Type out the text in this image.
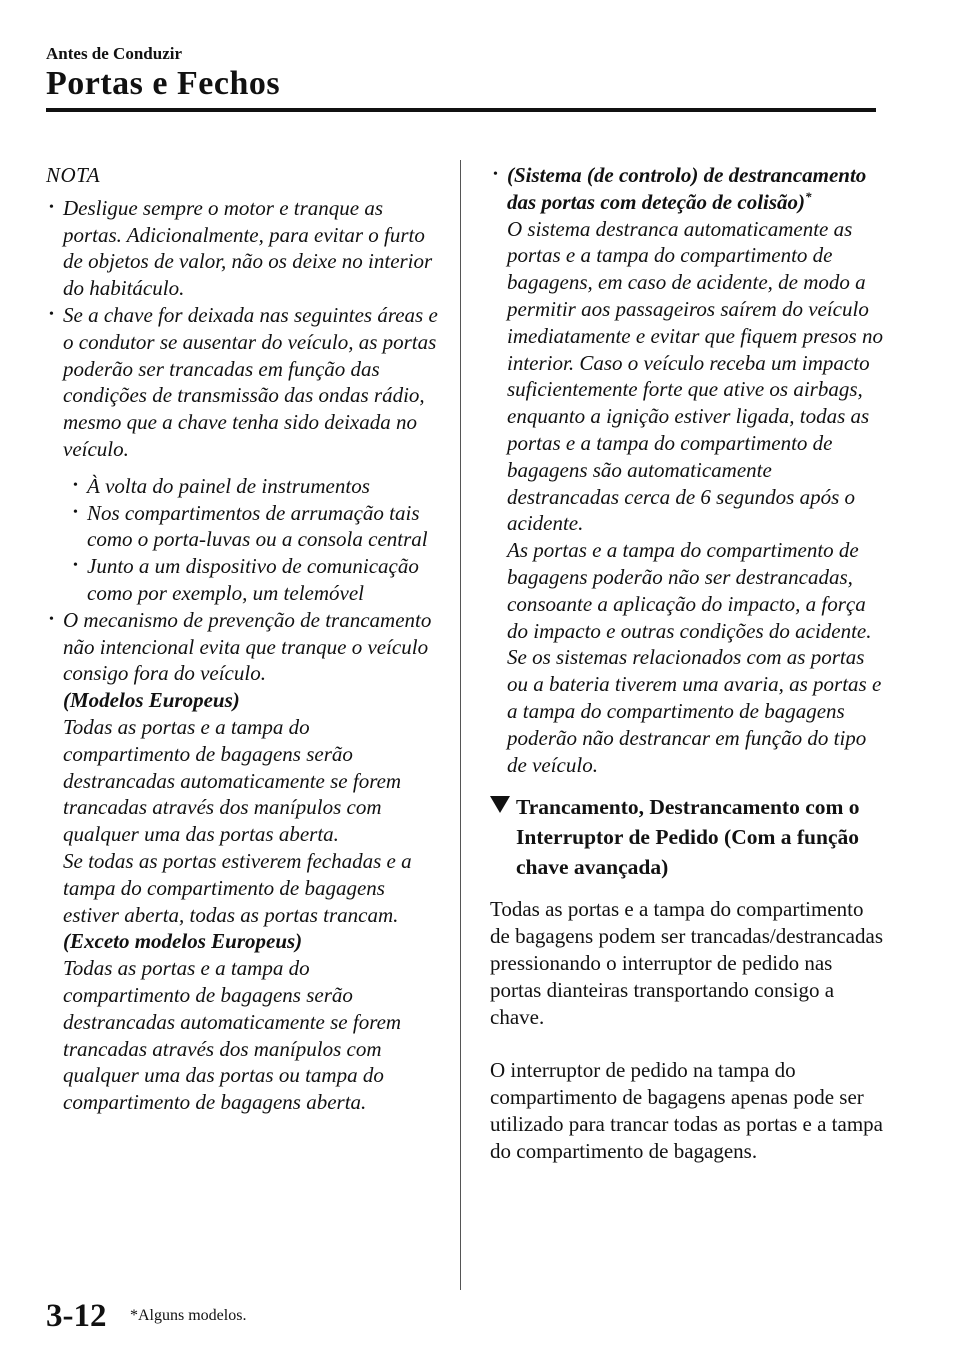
Antes de Conduzir
Portas e Fechos
NOTA
• Desligue sempre o motor e tranque as portas. Adicionalmente, para evitar o furto de objetos de valor, não os deixe no interior do habitáculo.
• Se a chave for deixada nas seguintes áreas e o condutor se ausentar do veículo, as portas poderão ser trancadas em função das condições de transmissão das ondas rádio, mesmo que a chave tenha sido deixada no veículo.
• À volta do painel de instrumentos
• Nos compartimentos de arrumação tais como o porta-luvas ou a consola central
• Junto a um dispositivo de comunicação como por exemplo, um telemóvel
• O mecanismo de prevenção de trancamento não intencional evita que tranque o veículo consigo fora do veículo.
(Modelos Europeus)
Todas as portas e a tampa do compartimento de bagagens serão destrancadas automaticamente se forem trancadas através dos manípulos com qualquer uma das portas aberta.
Se todas as portas estiverem fechadas e a tampa do compartimento de bagagens estiver aberta, todas as portas trancam.
(Exceto modelos Europeus)
Todas as portas e a tampa do compartimento de bagagens serão destrancadas automaticamente se forem trancadas através dos manípulos com qualquer uma das portas ou tampa do compartimento de bagagens aberta.
• (Sistema (de controlo) de destrancamento das portas com deteção de colisão)*
O sistema destranca automaticamente as portas e a tampa do compartimento de bagagens, em caso de acidente, de modo a permitir aos passageiros saírem do veículo imediatamente e evitar que fiquem presos no interior. Caso o veículo receba um impacto suficientemente forte que ative os airbags, enquanto a ignição estiver ligada, todas as portas e a tampa do compartimento de bagagens são automaticamente destrancadas cerca de 6 segundos após o acidente.
As portas e a tampa do compartimento de bagagens poderão não ser destrancadas, consoante a aplicação do impacto, a força do impacto e outras condições do acidente.
Se os sistemas relacionados com as portas ou a bateria tiverem uma avaria, as portas e a tampa do compartimento de bagagens poderão não destrancar em função do tipo de veículo.
Trancamento, Destrancamento com o Interruptor de Pedido (Com a função chave avançada)

Todas as portas e a tampa do compartimento de bagagens podem ser trancadas/destrancadas pressionando o interruptor de pedido nas portas dianteiras transportando consigo a chave.

O interruptor de pedido na tampa do compartimento de bagagens apenas pode ser utilizado para trancar todas as portas e a tampa do compartimento de bagagens.

3-12 *Alguns modelos.
